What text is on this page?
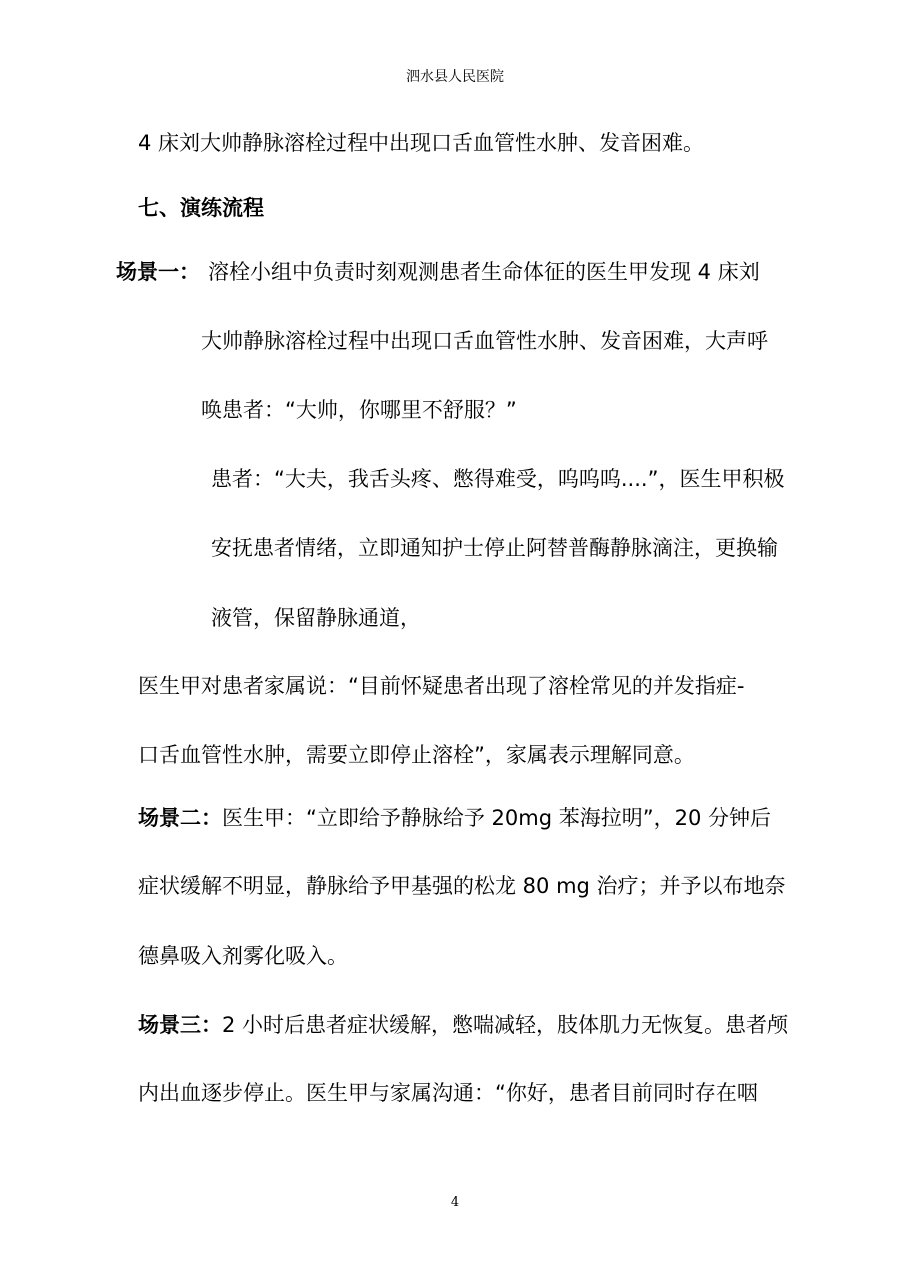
泗水县人民医院
4 床刘大帅静脉溶栓过程中出现口舌血管性水肿、发音困难。
七、演练流程
场景一： 溶栓小组中负责时刻观测患者生命体征的医生甲发现 4 床刘
大帅静脉溶栓过程中出现口舌血管性水肿、发音困难，大声呼
唤患者：“大帅，你哪里不舒服？”
患者：“大夫，我舌头疼、憋得难受，呜呜呜....”，医生甲积极
安抚患者情绪，立即通知护士停止阿替普酶静脉滴注，更换输
液管，保留静脉通道，
医生甲对患者家属说：“目前怀疑患者出现了溶栓常见的并发指症-
口舌血管性水肿，需要立即停止溶栓”，家属表示理解同意。
场景二：医生甲：“立即给予静脉给予 20mg 苯海拉明”，20 分钟后
症状缓解不明显，静脉给予甲基强的松龙 80 mg 治疗；并予以布地奈
德鼻吸入剂雾化吸入。
场景三：2 小时后患者症状缓解，憋喘减轻，肢体肌力无恢复。患者颅
内出血逐步停止。医生甲与家属沟通：“你好，患者目前同时存在咽
4
